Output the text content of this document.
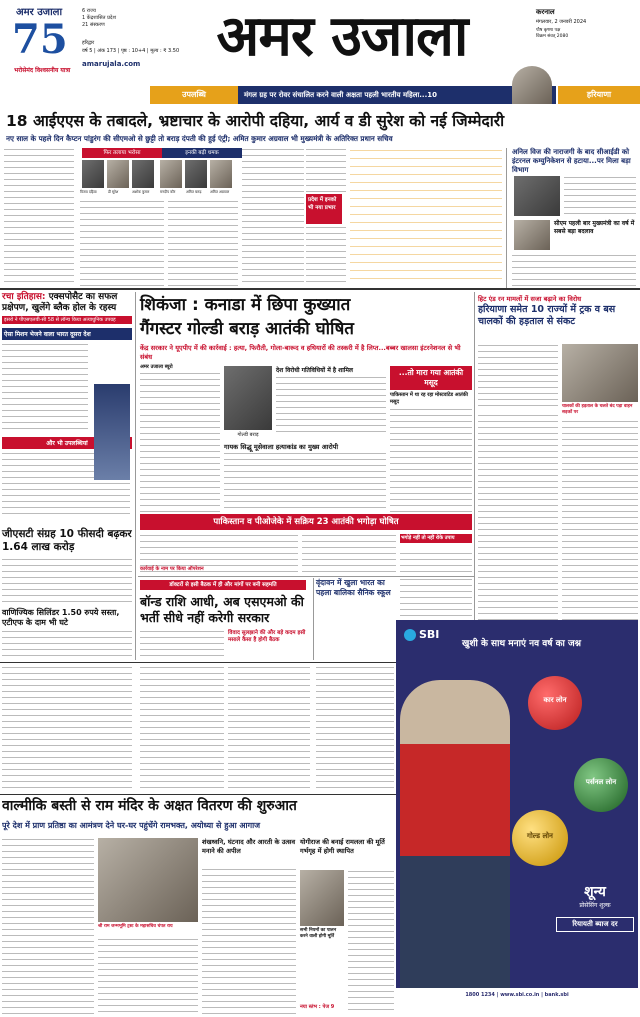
अमर उजाला
75
भरोसेमंद विश्वसनीय यात्रा
6 राज्य
1 केंद्रशासित प्रदेश
21 संस्करण
हरिद्वार
वर्ष 5 | अंक 173 | पृष्ठ : 10+4 | मूल्य : ₹ 3.50
amarujala.com	अमर उजाला	करनाल
मंगलवार, 2 जनवरी 2024
पौष कृष्णा पक्ष
विक्रम संवत् 2080
उपलब्धि	मंगल ग्रह पर रोवर संचालित करने वाली अक्षता पहली भारतीय महिला...10	हरियाणा
18 आईएएस के तबादले, भ्रष्टाचार के आरोपी दहिया, आर्य व डी सुरेश को नई जिम्मेदारी
नए साल के पहले दिन कैप्टन पांडुरंग की सीएमओ से छुट्टी तो बराड़ दंपती की हुई एंट्री; अमित कुमार अग्रवाल भी मुख्यमंत्री के अतिरिक्त प्रधान सचिव
फिर तलाया भरोसा	इनकी बढ़ी धमक
विजय दहिया	डी सुरेश	अशोक कुमार	मनदीप कौर	अमित बराड़ अमित अग्रवाल
प्रदेश में इनको भी नया प्रभार
अनिल विज की नाराजगी के बाद सीआईडी को इंटरनल कम्युनिकेशन से हटाया...पर मिला बड़ा विभाग
सीएम पहली बार मुख्यमंत्री का वर्ष में सबसे बड़ा बदलाव
रचा इतिहास: एक्सपोसैट का सफल प्रक्षेपण, खुलेंगे ब्लैक होल के रहस्य
इसरो ने पीएसएलवी-सी 58 से लॉन्च किया अत्याधुनिक उपग्रह
ऐसा मिशन भेजने वाला भारत दूसरा देश
और भी उपलब्धियां
जीएसटी संग्रह 10 फीसदी बढ़कर 1.64 लाख करोड़
वाणिज्यिक सिलिंडर 1.50 रुपये सस्ता, एटीएफ के दाम भी घटे
शिकंजा : कनाडा में छिपा कुख्यात
गैंगस्टर गोल्डी बराड़ आतंकी घोषित
केंद्र सरकार ने यूएपीए में की कार्रवाई : हत्या, फिरौती, गोला-बारूद व हथियारों की तस्करी में है लिप्त...बब्बर खालसा इंटरनेशनल से भी संबंध
अमर उजाला ब्यूरो
गोल्डी बराड़
देश विरोधी गतिविधियों में है शामिल
गायक सिद्धू मूसेवाला हत्याकांड का मुख्य आरोपी
...तो मारा गया आतंकी मसूद
पाकिस्तान में था रह रहा मोस्टवांटेड आतंकी मसूद
हिट एंड रन मामलों में सजा बढ़ाने का विरोध
हरियाणा समेत 10 राज्यों में ट्रक व बस चालकों की हड़ताल से संकट
चालकों की हड़ताल के चलते बंद पड़ा वाहन सड़कों पर
पाकिस्तान व पीओजेके में सक्रिय 23 आतंकी भगोड़ा घोषित
भगोड़े नहीं तो नहीं रोके उपाय
कार्रवाई के नाम पर किया ऑपरेशन
डॉक्टरों से इसी बैठक में ही और मांगों पर बनी सहमति
बॉन्ड राशि आधी, अब एसएमओ की भर्ती सीधे नहीं करेगी सरकार
विवाद सुलझाने की और बड़े कदम इसी मसाले कैसा है होगी बैठक
वृंदावन में खुला भारत का पहला बालिका सैनिक स्कूल
SBI
खुशी के साथ मनाएं नव वर्ष का जश्न
कार लोन
पर्सनल लोन
गोल्ड लोन
शून्य
प्रोसेसिंग शुल्क
रियायती ब्याज दर
1800 1234 | www.sbi.co.in | bank.sbi
वाल्मीकि बस्ती से राम मंदिर के अक्षत वितरण की शुरुआत
पूरे देश में प्राण प्रतिष्ठा का आमंत्रण देने घर-घर पहुंचेंगे रामभक्त, अयोध्या से हुआ आगाज
श्री राम जन्मभूमि ट्रस्ट के महासचिव चंपत राय
शंखध्वनि, घंटनाद और आरती के उत्सव मनाने की अपील
योगीराज की बनाई रामलला की मूर्ति गर्भगृह में होगी स्थापित
सभी नियमों का पालन करने वाली होगी मूर्ति
नया स्तंभ : पेज 9
